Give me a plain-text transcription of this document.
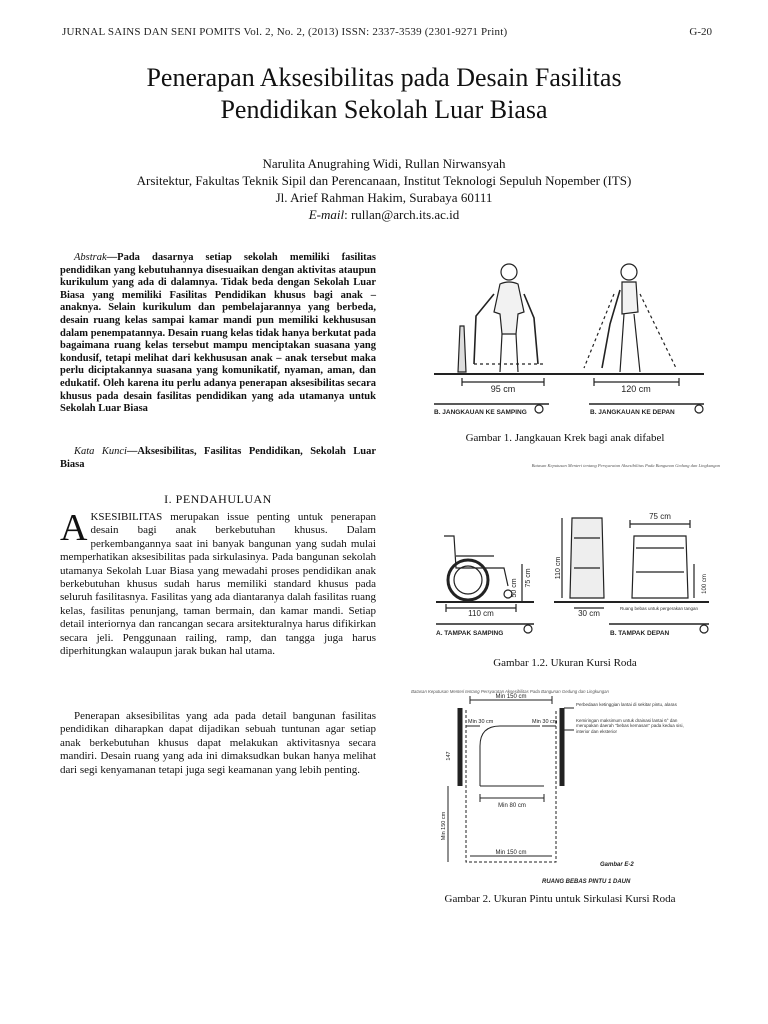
JURNAL SAINS DAN SENI POMITS Vol. 2, No. 2, (2013) ISSN: 2337-3539 (2301-9271 Print)	G-20
Penerapan Aksesibilitas pada Desain Fasilitas
Pendidikan Sekolah Luar Biasa
Narulita Anugrahing Widi, Rullan Nirwansyah
Arsitektur, Fakultas Teknik Sipil dan Perencanaan, Institut Teknologi Sepuluh Nopember (ITS)
Jl. Arief Rahman Hakim, Surabaya 60111
E-mail: rullan@arch.its.ac.id
Abstrak—Pada dasarnya setiap sekolah memiliki fasilitas pendidikan yang kebutuhannya disesuaikan dengan aktivitas ataupun kurikulum yang ada di dalamnya. Tidak beda dengan Sekolah Luar Biasa yang memiliki Fasilitas Pendidikan khusus bagi anak – anaknya. Selain kurikulum dan pembelajarannya yang berbeda, desain ruang kelas sampai kamar mandi pun memiliki kekhususan dalam penempatannya. Desain ruang kelas tidak hanya berkutat pada bagaimana ruang kelas tersebut mampu menciptakan suasana yang kondusif, tetapi melihat dari kekhususan anak – anak tersebut maka perlu diciptakannya suasana yang komunikatif, nyaman, aman, dan edukatif. Oleh karena itu perlu adanya penerapan aksesibilitas secara khusus pada desain fasilitas pendidikan yang ada utamanya untuk Sekolah Luar Biasa
Kata Kunci—Aksesibilitas, Fasilitas Pendidikan, Sekolah Luar Biasa
I. PENDAHULUAN
AKSESIBILITAS merupakan issue penting untuk penerapan desain bagi anak berkebutuhan khusus. Dalam perkembangannya saat ini banyak bangunan yang sudah mulai memperhatikan aksesibilitas pada sirkulasinya. Pada bangunan sekolah utamanya Sekolah Luar Biasa yang mewadahi proses pendidikan anak berkebutuhan khusus sudah harus memiliki standard khusus pada seluruh fasilitasnya. Fasilitas yang ada diantaranya dalah fasilitas ruang kelas, fasilitas penunjang, taman bermain, dan kamar mandi. Setiap detail interiornya dan rancangan secara arsitekturalnya harus difikirkan secara jeli. Penggunaan railing, ramp, dan tangga juga harus diperhitungkan walaupun jarak bukan hal utama.
Penerapan aksesibilitas yang ada pada detail bangunan fasilitas pendidikan diharapkan dapat dijadikan sebuah tuntunan agar setiap anak berkebutuhan khusus dapat melakukan aktivitasnya secara mandiri. Desain ruang yang ada ini dimaksudkan bukan hanya melihat dari segi kenyamanan tetapi juga segi keamanan yang lebih penting.
95 cm	120 cm
B. JANGKAUAN KE SAMPING	B. JANGKAUAN KE DEPAN
Gambar 1. Jangkauan Krek bagi anak difabel
Batasan Keputusan Menteri tentang Persyaratan Aksesibilitas Pada Bangunan Gedung dan Lingkungan
75 cm
110 cm
50 cm
75 cm
110 cm	30 cm
100 cm
Ruang bebas untuk pergerakan tangan
A. TAMPAK SAMPING	B. TAMPAK DEPAN
Gambar 1.2. Ukuran Kursi Roda
Batasan Keputusan Menteri tentang Persyaratan Aksesibilitas Pada Bangunan Gedung dan Lingkungan
Min 150 cm
Min 30 cm	Min 30 cm
147
Min 80 cm
Min 150 cm
Min 150 cm
Perbedaan ketinggian lantai di sekitar pintu, alaras
Kemiringan maksimum untuk drainasi lantai 6° dan merupakan daerah "bebas kemasan" pada kedua sisi, interior dan eksterior
Gambar E-2
RUANG BEBAS PINTU 1 DAUN
Gambar 2. Ukuran Pintu untuk Sirkulasi Kursi Roda
